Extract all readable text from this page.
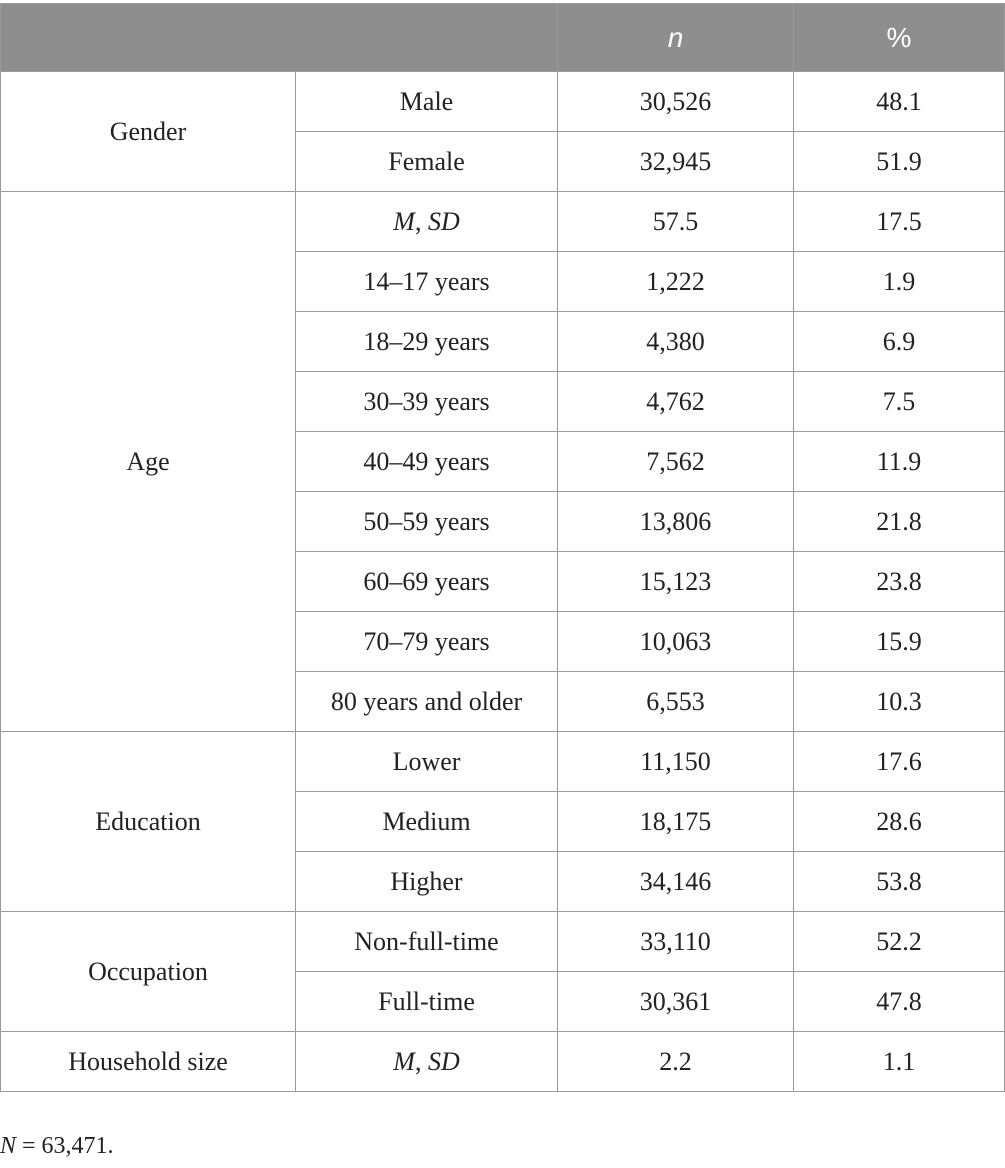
		n	%
Gender	Male	30,526	48.1
	Female	32,945	51.9
Age	M, SD	57.5	17.5
	14–17 years	1,222	1.9
	18–29 years	4,380	6.9
	30–39 years	4,762	7.5
	40–49 years	7,562	11.9
	50–59 years	13,806	21.8
	60–69 years	15,123	23.8
	70–79 years	10,063	15.9
	80 years and older	6,553	10.3
Education	Lower	11,150	17.6
	Medium	18,175	28.6
	Higher	34,146	53.8
Occupation	Non-full-time	33,110	52.2
	Full-time	30,361	47.8
Household size	M, SD	2.2	1.1
N = 63,471.
